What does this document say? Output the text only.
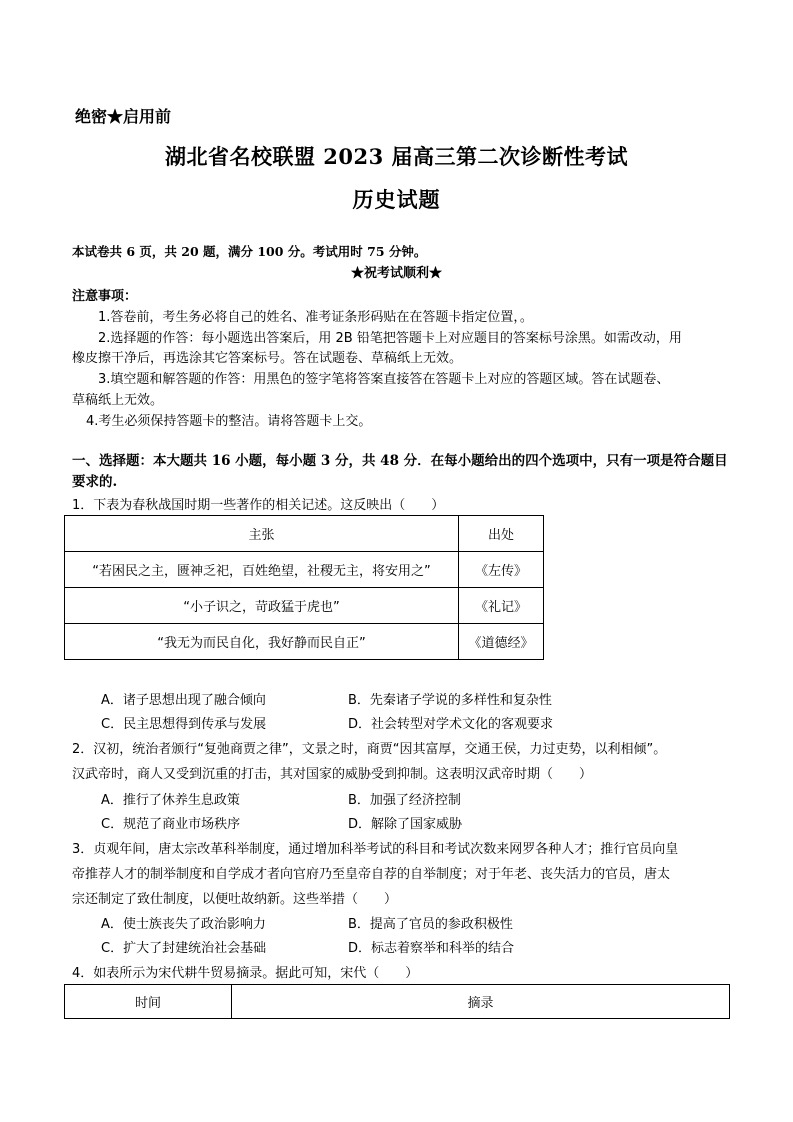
绝密★启用前
湖北省名校联盟 2023 届高三第二次诊断性考试
历史试题
本试卷共 6 页，共 20 题，满分 100 分。考试用时 75 分钟。
★祝考试顺利★
注意事项：
1.答卷前，考生务必将自己的姓名、准考证条形码贴在在答题卡指定位置，。
2.选择题的作答：每小题选出答案后，用 2B 铅笔把答题卡上对应题目的答案标号涂黑。如需改动，用
橡皮擦干净后，再选涂其它答案标号。答在试题卷、草稿纸上无效。
3.填空题和解答题的作答：用黑色的签字笔将答案直接答在答题卡上对应的答题区域。答在试题卷、
草稿纸上无效。
4.考生必须保持答题卡的整洁。请将答题卡上交。
一、选择题：本大题共 16 小题，每小题 3 分，共 48 分．在每小题给出的四个选项中，只有一项是符合题目要求的.
1．下表为春秋战国时期一些著作的相关记述。这反映出（　　）
主张	出处
“若困民之主，匮神乏祀，百姓绝望，社稷无主，将安用之”	《左传》
“小子识之，苛政猛于虎也”	《礼记》
“我无为而民自化，我好静而民自正”	《道德经》
A．诸子思想出现了融合倾向	B．先秦诸子学说的多样性和复杂性
C．民主思想得到传承与发展	D．社会转型对学术文化的客观要求
2．汉初，统治者颁行“复弛商贾之律”，文景之时，商贾“因其富厚，交通王侯，力过吏势，以利相倾”。
汉武帝时，商人又受到沉重的打击，其对国家的威胁受到抑制。这表明汉武帝时期（　　）
A．推行了休养生息政策	B．加强了经济控制
C．规范了商业市场秩序	D．解除了国家威胁
3．贞观年间，唐太宗改革科举制度，通过增加科举考试的科目和考试次数来网罗各种人才；推行官员向皇
帝推荐人才的制举制度和自学成才者向官府乃至皇帝自荐的自举制度；对于年老、丧失活力的官员，唐太
宗还制定了致仕制度，以便吐故纳新。这些举措（　　）
A．使士族丧失了政治影响力	B．提高了官员的参政积极性
C．扩大了封建统治社会基础	D．标志着察举和科举的结合
4．如表所示为宋代耕牛贸易摘录。据此可知，宋代（　　）
时间	摘录
